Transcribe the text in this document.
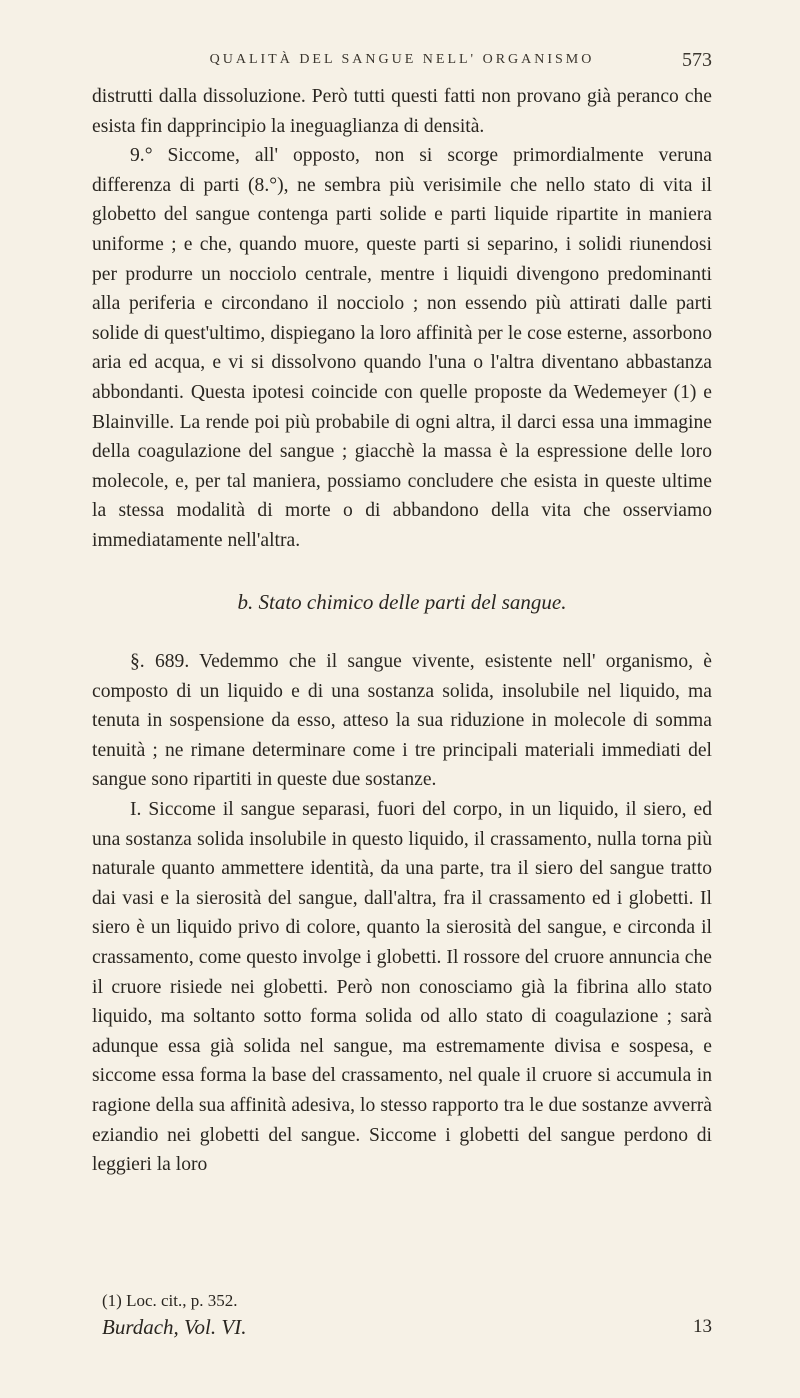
QUALITÀ DEL SANGUE NELL' ORGANISMO	573

distrutti dalla dissoluzione. Però tutti questi fatti non provano già peranco che esista fin dapprincipio la ineguaglianza di densità.

9.° Siccome, all' opposto, non si scorge primordialmente veruna differenza di parti (8.°), ne sembra più verisimile che nello stato di vita il globetto del sangue contenga parti solide e parti liquide ripartite in maniera uniforme ; e che, quando muore, queste parti si separino, i solidi riunendosi per produrre un nocciolo centrale, mentre i liquidi divengono predominanti alla periferia e circondano il nocciolo ; non essendo più attirati dalle parti solide di quest'ultimo, dispiegano la loro affinità per le cose esterne, assorbono aria ed acqua, e vi si dissolvono quando l'una o l'altra diventano abbastanza abbondanti. Questa ipotesi coincide con quelle proposte da Wedemeyer (1) e Blainville. La rende poi più probabile di ogni altra, il darci essa una immagine della coagulazione del sangue ; giacchè la massa è la espressione delle loro molecole, e, per tal maniera, possiamo concludere che esista in queste ultime la stessa modalità di morte o di abbandono della vita che osserviamo immediatamente nell'altra.

b. Stato chimico delle parti del sangue.

§. 689. Vedemmo che il sangue vivente, esistente nell' organismo, è composto di un liquido e di una sostanza solida, insolubile nel liquido, ma tenuta in sospensione da esso, atteso la sua riduzione in molecole di somma tenuità ; ne rimane determinare come i tre principali materiali immediati del sangue sono ripartiti in queste due sostanze.

I. Siccome il sangue separasi, fuori del corpo, in un liquido, il siero, ed una sostanza solida insolubile in questo liquido, il crassamento, nulla torna più naturale quanto ammettere identità, da una parte, tra il siero del sangue tratto dai vasi e la sierosità del sangue, dall'altra, fra il crassamento ed i globetti. Il siero è un liquido privo di colore, quanto la sierosità del sangue, e circonda il crassamento, come questo involge i globetti. Il rossore del cruore annuncia che il cruore risiede nei globetti. Però non conosciamo già la fibrina allo stato liquido, ma soltanto sotto forma solida od allo stato di coagulazione ; sarà adunque essa già solida nel sangue, ma estremamente divisa e sospesa, e siccome essa forma la base del crassamento, nel quale il cruore si accumula in ragione della sua affinità adesiva, lo stesso rapporto tra le due sostanze avverrà eziandio nei globetti del sangue. Siccome i globetti del sangue perdono di leggieri la loro

(1) Loc. cit., p. 352.
Burdach, Vol. VI.	13
